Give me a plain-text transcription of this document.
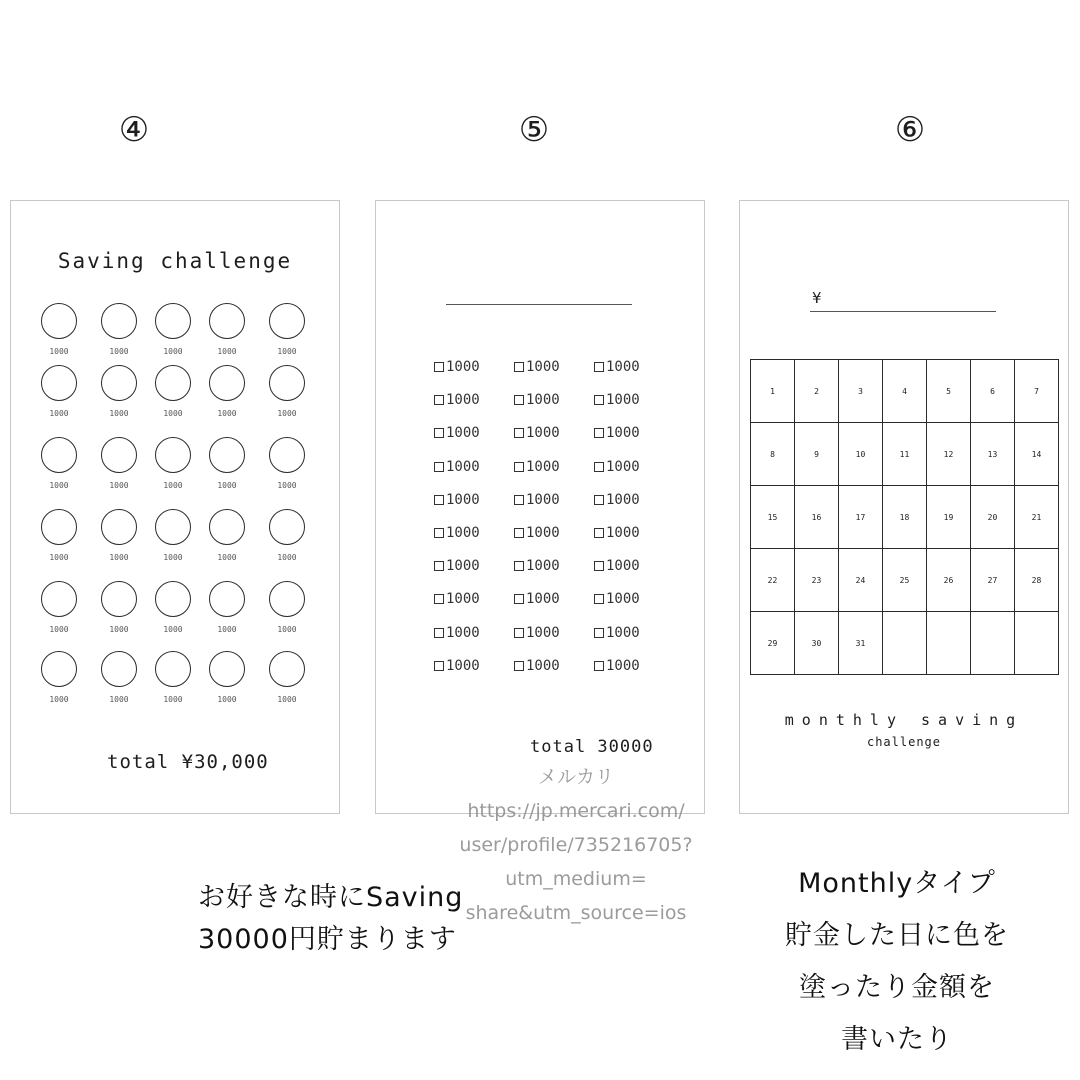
④	⑤	⑥
Saving challenge
1000	1000	1000	1000	1000
1000	1000	1000	1000	1000
1000	1000	1000	1000	1000
1000	1000	1000	1000	1000
1000	1000	1000	1000	1000
1000	1000	1000	1000	1000
total ¥30,000
1000	1000	1000
1000	1000	1000
1000	1000	1000
1000	1000	1000
1000	1000	1000
1000	1000	1000
1000	1000	1000
1000	1000	1000
1000	1000	1000
1000	1000	1000
total 30000
¥
1	2	3	4	5	6	7
8	9	10	11	12	13	14
15	16	17	18	19	20	21
22	23	24	25	26	27	28
29	30	31				
monthly saving
challenge
メルカリ
https://jp.mercari.com/
user/profile/735216705?
utm_medium=
share&utm_source=ios
お好きな時にSaving
30000円貯まります
Monthlyタイプ
貯金した日に色を
塗ったり金額を
書いたり
